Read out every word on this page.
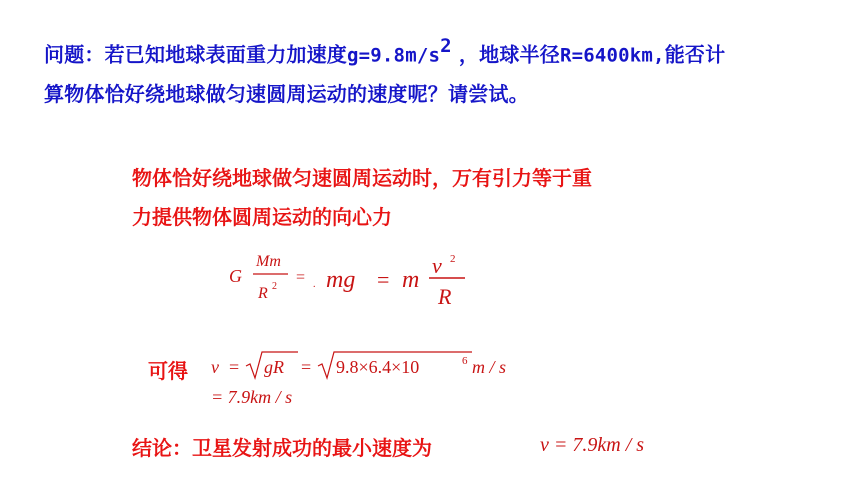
问题：若已知地球表面重力加速度$g=9.8m/s^2$ ，地球半径R=6400km,能否计
算物体恰好绕地球做匀速圆周运动的速度呢？请尝试。
物体恰好绕地球做匀速圆周运动时，万有引力等于重
力提供物体圆周运动的向心力
可得
结论：卫星发射成功的最小速度为
G
Mm
R 2
= . mg = m
v 2
R
v = gR = 9.8×6.4×10	6 m / s
= 7.9km / s
v = 7.9km / s
